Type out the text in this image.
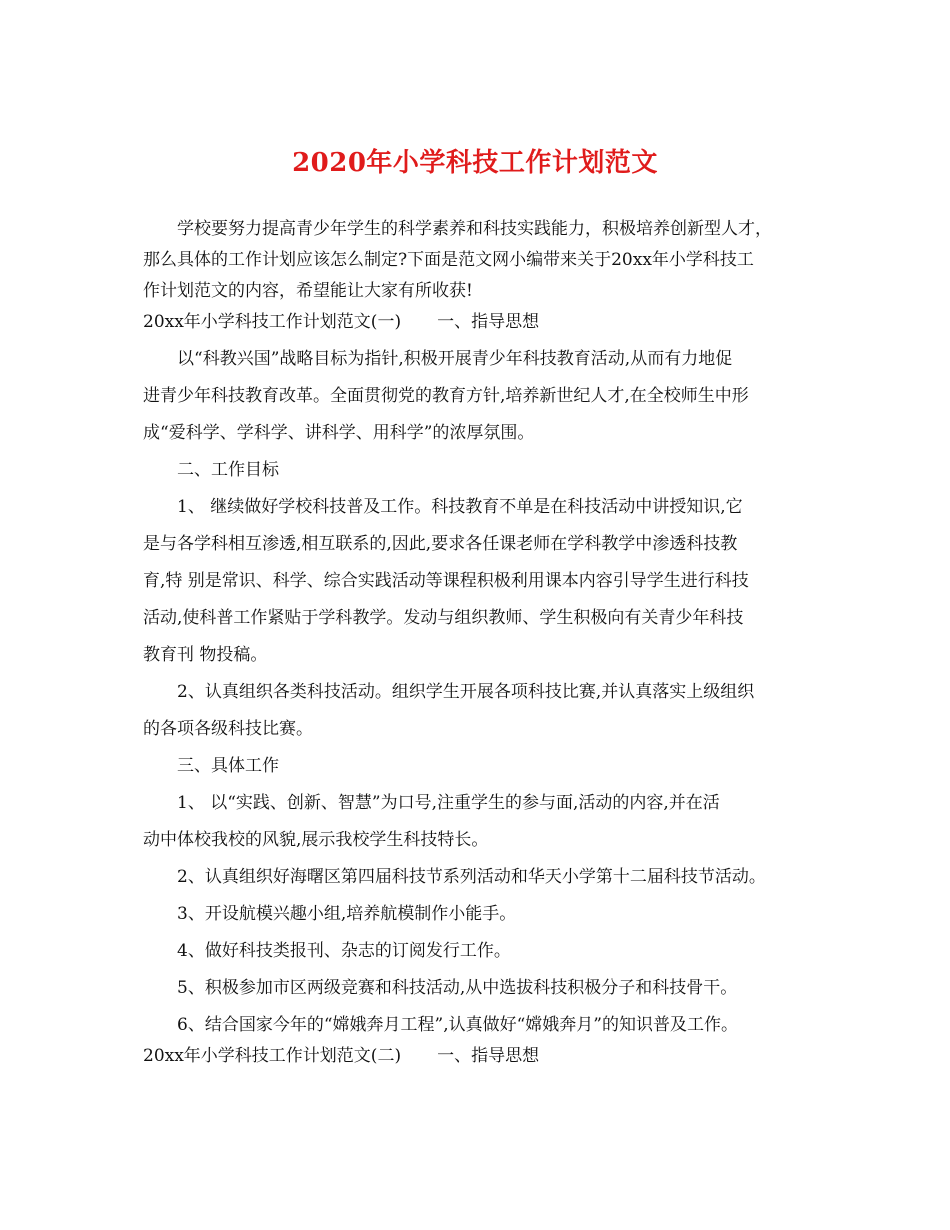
2020年小学科技工作计划范文
学校要努力提高青少年学生的科学素养和科技实践能力，积极培养创新型人才，
那么具体的工作计划应该怎么制定?下面是范文网小编带来关于20xx年小学科技工
作计划范文的内容，希望能让大家有所收获!
20xx年小学科技工作计划范文(一) 一、指导思想
以“科教兴国”战略目标为指针,积极开展青少年科技教育活动,从而有力地促
进青少年科技教育改革。全面贯彻党的教育方针,培养新世纪人才,在全校师生中形
成“爱科学、学科学、讲科学、用科学”的浓厚氛围。
二、工作目标
1、 继续做好学校科技普及工作。科技教育不单是在科技活动中讲授知识,它
是与各学科相互渗透,相互联系的,因此,要求各任课老师在学科教学中渗透科技教
育,特 别是常识、科学、综合实践活动等课程积极利用课本内容引导学生进行科技
活动,使科普工作紧贴于学科教学。发动与组织教师、学生积极向有关青少年科技
教育刊 物投稿。
2、认真组织各类科技活动。组织学生开展各项科技比赛,并认真落实上级组织
的各项各级科技比赛。
三、具体工作
1、 以“实践、创新、智慧”为口号,注重学生的参与面,活动的内容,并在活
动中体校我校的风貌,展示我校学生科技特长。
2、认真组织好海曙区第四届科技节系列活动和华天小学第十二届科技节活动。
3、开设航模兴趣小组,培养航模制作小能手。
4、做好科技类报刊、杂志的订阅发行工作。
5、积极参加市区两级竞赛和科技活动,从中选拔科技积极分子和科技骨干。
6、结合国家今年的“嫦娥奔月工程”,认真做好“嫦娥奔月”的知识普及工作。
20xx年小学科技工作计划范文(二) 一、指导思想
